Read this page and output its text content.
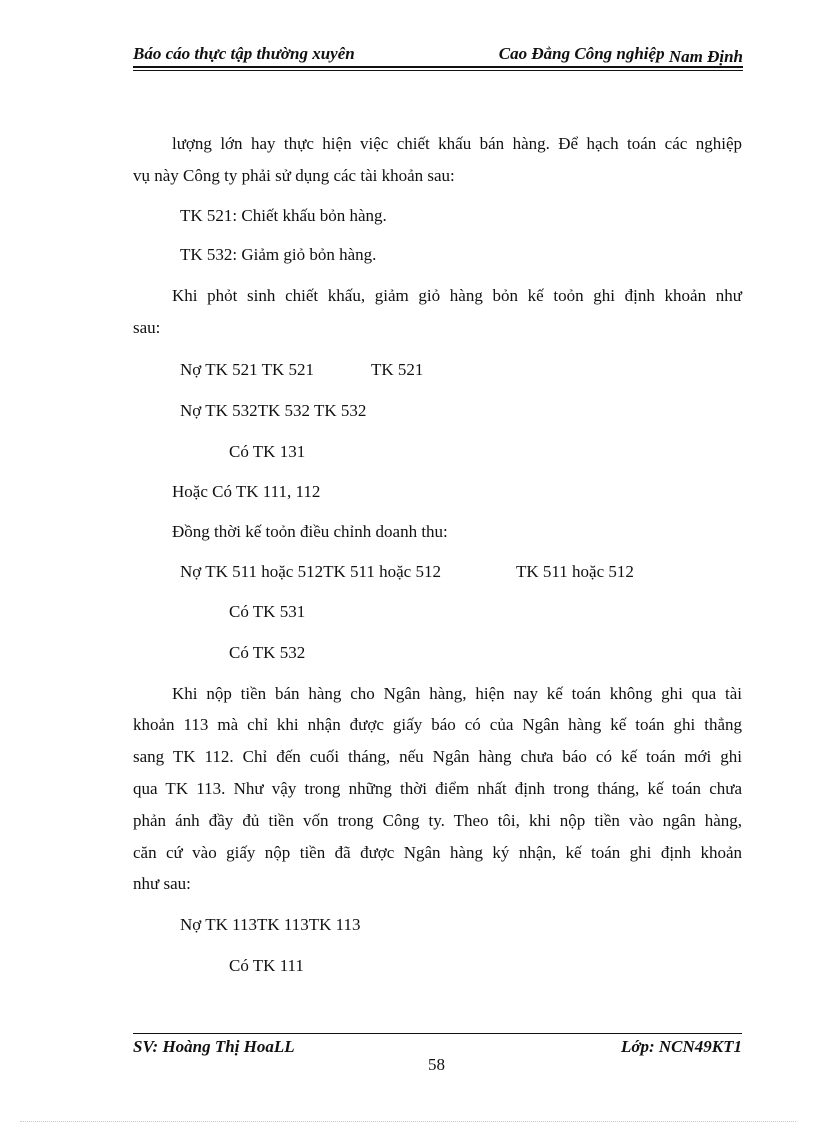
Báo cáo thực tập thường xuyên	Cao Đẳng Công nghiệp Nam Định
lượng lớn hay thực hiện việc chiết khấu bán hàng. Để hạch toán các nghiệp
vụ này Công ty phải sử dụng các tài khoản sau:
TK 521: Chiết khấu bỏn hàng.
TK 532: Giảm giỏ bỏn hàng.
Khi phỏt sinh chiết khấu, giảm giỏ hàng bỏn kế toỏn ghi định khoản như
sau:
Nợ TK 521 TK 521	TK 521
Nợ TK 532TK 532 TK 532
Có TK 131
Hoặc Có TK 111, 112
Đồng thời kế toỏn điều chỉnh doanh thu:
Nợ TK 511 hoặc 512TK 511 hoặc 512	TK 511 hoặc 512
Có TK 531
Có TK 532
Khi nộp tiền bán hàng cho Ngân hàng, hiện nay kế toán không ghi qua tài
khoản 113 mà chỉ khi nhận được giấy báo có của Ngân hàng kế toán ghi thẳng
sang TK 112. Chỉ đến cuối tháng, nếu Ngân hàng chưa báo có kế toán mới ghi
qua TK 113. Như vậy trong những thời điểm nhất định trong tháng, kế toán chưa
phản ánh đầy đủ tiền vốn trong Công ty. Theo tôi, khi nộp tiền vào ngân hàng,
căn cứ vào giấy nộp tiền đã được Ngân hàng ký nhận, kế toán ghi định khoản
như sau:
Nợ TK 113TK 113TK 113
Có TK 111
SV: Hoàng Thị HoaLL	Lớp: NCN49KT1
58
